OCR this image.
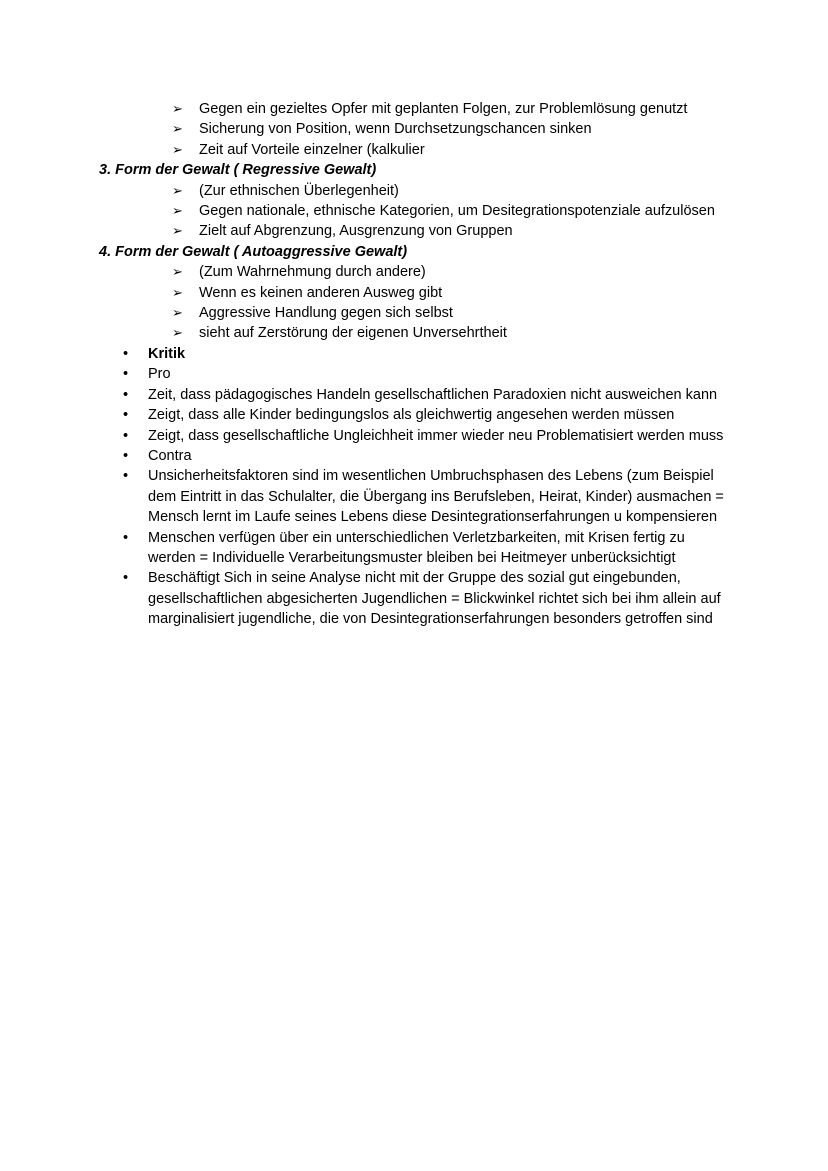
➢ Gegen ein gezieltes Opfer mit geplanten Folgen, zur Problemlösung genutzt
➢ Sicherung von Position, wenn Durchsetzungschancen sinken
➢ Zeit auf Vorteile einzelner (kalkulier
3. Form der Gewalt ( Regressive Gewalt)
➢ (Zur ethnischen Überlegenheit)
➢ Gegen nationale, ethnische Kategorien, um Desitegrationspotenziale aufzulösen
➢ Zielt auf Abgrenzung, Ausgrenzung von Gruppen
4. Form der Gewalt ( Autoaggressive Gewalt)
➢ (Zum Wahrnehmung durch andere)
➢ Wenn es keinen anderen Ausweg gibt
➢ Aggressive Handlung gegen sich selbst
➢ sieht auf Zerstörung der eigenen Unversehrtheit
• Kritik
• Pro
• Zeit, dass pädagogisches Handeln gesellschaftlichen Paradoxien nicht ausweichen kann
• Zeigt, dass alle Kinder bedingungslos als gleichwertig angesehen werden müssen
• Zeigt, dass gesellschaftliche Ungleichheit immer wieder neu Problematisiert werden muss
• Contra
• Unsicherheitsfaktoren sind im wesentlichen Umbruchsphasen des Lebens (zum Beispiel dem Eintritt in das Schulalter, die Übergang ins Berufsleben, Heirat, Kinder) ausmachen = Mensch lernt im Laufe seines Lebens diese Desintegrationserfahrungen u kompensieren
• Menschen verfügen über ein unterschiedlichen Verletzbarkeiten, mit Krisen fertig zu werden = Individuelle Verarbeitungsmuster bleiben bei Heitmeyer unberücksichtigt
• Beschäftigt Sich in seine Analyse nicht mit der Gruppe des sozial gut eingebunden, gesellschaftlichen abgesicherten Jugendlichen = Blickwinkel richtet sich bei ihm allein auf marginalisiert jugendliche, die von Desintegrationserfahrungen besonders getroffen sind
